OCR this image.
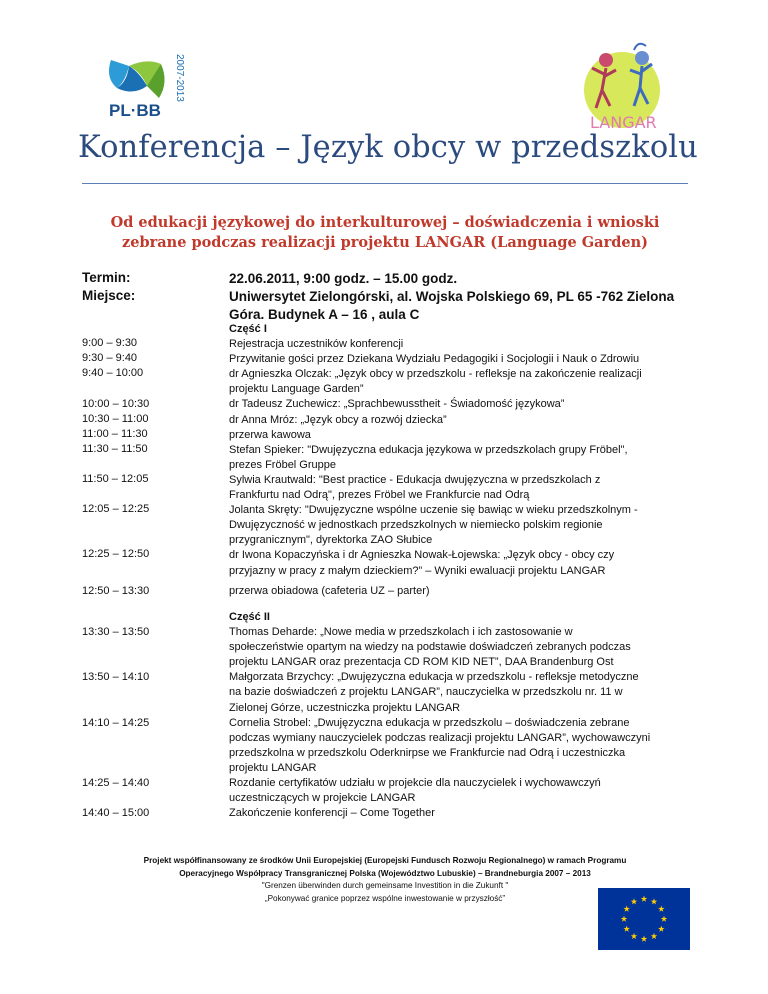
PL·BB
2007-2013
LANGAR
Konferencja – Język obcy w przedszkolu
Od edukacji językowej do interkulturowej – doświadczenia i wnioski zebrane podczas realizacji projektu LANGAR (Language Garden)
Termin:
Miejsce:
22.06.2011, 9:00 godz. – 15.00 godz.
Uniwersytet Zielongórski, al. Wojska Polskiego 69, PL 65 -762 Zielona Góra. Budynek A – 16 , aula C
9:00 – 9:30
9:30 – 9:40
9:40 – 10:00
10:00 – 10:30
10:30 – 11:00
11:00 – 11:30
11:30 – 11:50
11:50 – 12:05
12:05 – 12:25
12:25 – 12:50
Część I
Rejestracja uczestników konferencji
Przywitanie gości przez Dziekana Wydziału Pedagogiki i Socjologii i Nauk o Zdrowiu
dr Agnieszka Olczak: „Język obcy w przedszkolu - refleksje na zakończenie realizacji
projektu Language Garden”
dr Tadeusz Zuchewicz: „Sprachbewusstheit - Świadomość językowa”
dr Anna Mróz: „Język obcy a rozwój dziecka”
przerwa kawowa
Stefan Spieker: "Dwujęzyczna edukacja językowa w przedszkolach grupy Fröbel",
prezes Fröbel Gruppe
Sylwia Krautwald: "Best practice - Edukacja dwujęzyczna w przedszkolach z
Frankfurtu nad Odrą", prezes Fröbel we Frankfurcie nad Odrą
Jolanta Skręty: "Dwujęzyczne wspólne uczenie się bawiąc w wieku przedszkolnym -
Dwujęzyczność w jednostkach przedszkolnych w niemiecko polskim regionie
przygranicznym", dyrektorka ZAO Słubice
dr Iwona Kopaczyńska i dr Agnieszka Nowak-Łojewska: „Język obcy - obcy czy
przyjazny w pracy z małym dzieckiem?” – Wyniki ewaluacji projektu LANGAR
12:50 – 13:30	przerwa obiadowa (cafeteria UZ – parter)
13:30 – 13:50
13:50 – 14:10
14:10 – 14:25
14:25 – 14:40
14:40 – 15:00
Część II
Thomas Deharde: „Nowe media w przedszkolach i ich zastosowanie w
społeczeństwie opartym na wiedzy na podstawie doświadczeń zebranych podczas
projektu LANGAR oraz prezentacja CD ROM KID NET”, DAA Brandenburg Ost
Małgorzata Brzychcy: „Dwujęzyczna edukacja w przedszkolu - refleksje metodyczne
na bazie doświadczeń z projektu LANGAR”, nauczycielka w przedszkolu nr. 11 w
Zielonej Górze, uczestniczka projektu LANGAR
Cornelia Strobel: „Dwujęzyczna edukacja w przedszkolu – doświadczenia zebrane
podczas wymiany nauczycielek podczas realizacji projektu LANGAR”, wychowawczyni
przedszkolna w przedszkolu Oderknirpse we Frankfurcie nad Odrą i uczestniczka
projektu LANGAR
Rozdanie certyfikatów udziału w projekcie dla nauczycielek i wychowawczyń
uczestniczących w projekcie LANGAR
Zakończenie konferencji – Come Together
Projekt współfinansowany ze środków Unii Europejskiej (Europejski Fundusch Rozwoju Regionalnego) w ramach Programu
Operacyjnego Współpracy Transgranicznej Polska (Województwo Lubuskie) – Brandneburgia 2007 – 2013
"Grenzen überwinden durch gemeinsame Investition in die Zukunft "
„Pokonywać granice poprzez wspólne inwestowanie w przyszłość”
